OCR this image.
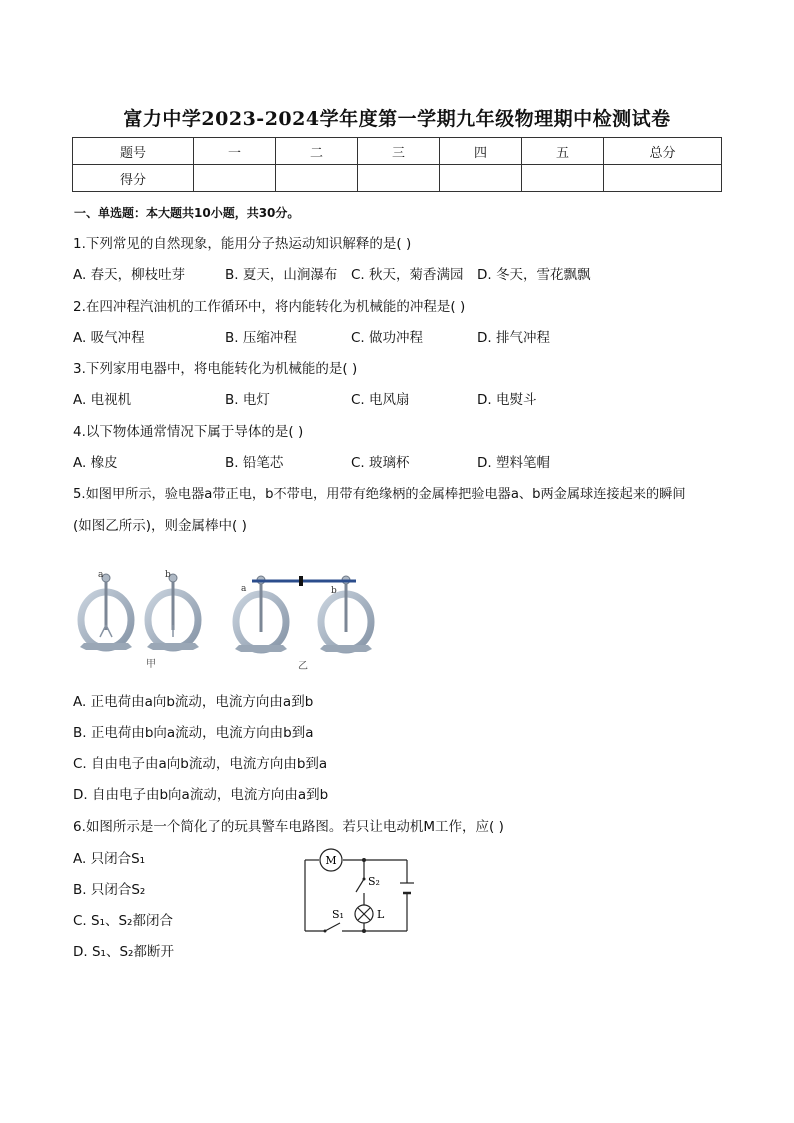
富力中学2023-2024学年度第一学期九年级物理期中检测试卷
题号	一	二	三	四	五	总分
得分						
一、单选题：本大题共10小题，共30分。
1.下列常见的自然现象，能用分子热运动知识解释的是( )
A. 春天，柳枝吐芽	B. 夏天，山涧瀑布	C. 秋天，菊香满园 D. 冬天，雪花飘飘
2.在四冲程汽油机的工作循环中，将内能转化为机械能的冲程是( )
A. 吸气冲程	B. 压缩冲程	C. 做功冲程	D. 排气冲程
3.下列家用电器中，将电能转化为机械能的是( )
A. 电视机	B. 电灯	C. 电风扇	D. 电熨斗
4.以下物体通常情况下属于导体的是( )
A. 橡皮	B. 铅笔芯	C. 玻璃杯	D. 塑料笔帽
5.如图甲所示，验电器a带正电，b不带电，用带有绝缘柄的金属棒把验电器a、b两金属球连接起来的瞬间
(如图乙所示)，则金属棒中( )
a	b
a	b
甲	乙
A. 正电荷由a向b流动，电流方向由a到b
B. 正电荷由b向a流动，电流方向由b到a
C. 自由电子由a向b流动，电流方向由b到a
D. 自由电子由b向a流动，电流方向由a到b
6.如图所示是一个简化了的玩具警车电路图。若只让电动机M工作，应( )
A. 只闭合S₁
B. 只闭合S₂
C. S₁、S₂都闭合
D. S₁、S₂都断开
M
S₂
S₁	L
